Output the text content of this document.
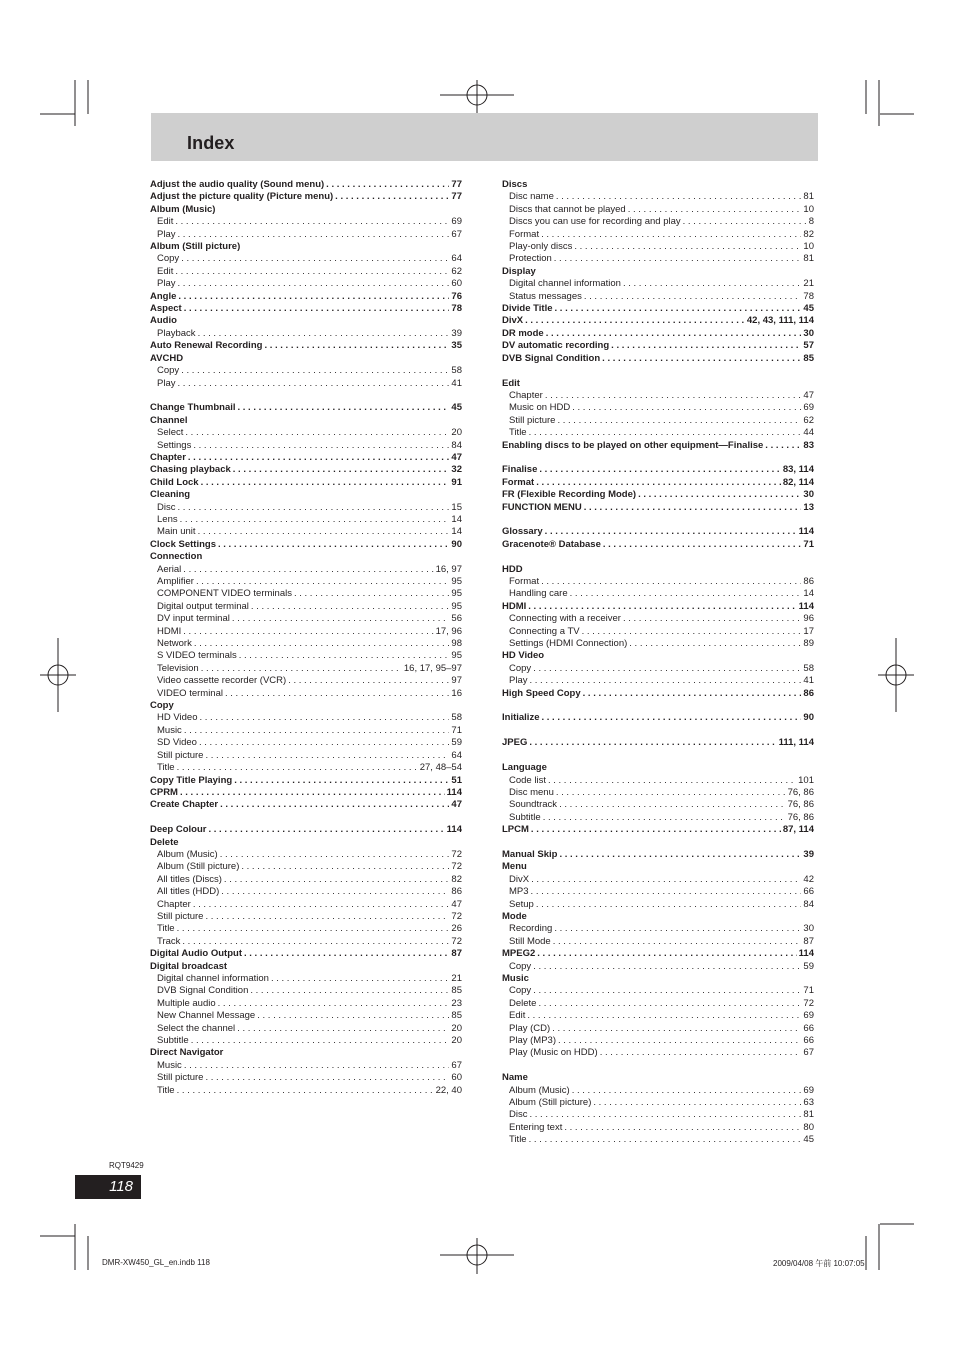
Index
Adjust the audio quality (Sound menu) . . .	77
Adjust the picture quality (Picture menu) . . .	77
Album (Music)
Edit . . .	69
Play . . .	67
Album (Still picture)
Copy . . .	64
Edit . . .	62
Play . . .	60
Angle . . .	76
Aspect . . .	78
Audio
Playback . . .	39
Auto Renewal Recording . . .	35
AVCHD
Copy . . .	58
Play . . .	41
Change Thumbnail . . .	45
Channel
Select . . .	20
Settings . . .	84
Chapter . . .	47
Chasing playback . . .	32
Child Lock . . .	91
Cleaning
Disc . . .	15
Lens . . .	14
Main unit . . .	14
Clock Settings . . .	90
Connection
Aerial . . .	16, 97
Amplifier . . .	95
COMPONENT VIDEO terminals . . .	95
Digital output terminal . . .	95
DV input terminal . . .	56
HDMI . . .	17, 96
Network . . .	98
S VIDEO terminals . . .	95
Television . . .	16, 17, 95–97
Video cassette recorder (VCR) . . .	97
VIDEO terminal . . .	16
Copy
HD Video . . .	58
Music . . .	71
SD Video . . .	59
Still picture . . .	64
Title . . .	27, 48–54
Copy Title Playing . . .	51
CPRM . . .	114
Create Chapter . . .	47
Deep Colour . . .	114
Delete
Album (Music) . . .	72
Album (Still picture) . . .	72
All titles (Discs) . . .	82
All titles (HDD) . . .	86
Chapter . . .	47
Still picture . . .	72
Title . . .	26
Track . . .	72
Digital Audio Output . . .	87
Digital broadcast
Digital channel information . . .	21
DVB Signal Condition . . .	85
Multiple audio . . .	23
New Channel Message . . .	85
Select the channel . . .	20
Subtitle . . .	20
Direct Navigator
Music . . .	67
Still picture . . .	60
Title . . .	22, 40
Discs
Disc name . . .	81
Discs that cannot be played . . .	10
Discs you can use for recording and play . . .	8
Format . . .	82
Play-only discs . . .	10
Protection . . .	81
Display
Digital channel information . . .	21
Status messages . . .	78
Divide Title . . .	45
DivX . . .	42, 43, 111, 114
DR mode . . .	30
DV automatic recording . . .	57
DVB Signal Condition . . .	85
Edit
Chapter . . .	47
Music on HDD . . .	69
Still picture . . .	62
Title . . .	44
Enabling discs to be played on other equipment—Finalise . . .	83
Finalise . . .	83, 114
Format . . .	82, 114
FR (Flexible Recording Mode) . . .	30
FUNCTION MENU . . .	13
Glossary . . .	114
Gracenote® Database . . .	71
HDD
Format . . .	86
Handling care . . .	14
HDMI . . .	114
Connecting with a receiver . . .	96
Connecting a TV . . .	17
Settings (HDMI Connection) . . .	89
HD Video
Copy . . .	58
Play . . .	41
High Speed Copy . . .	86
Initialize . . .	90
JPEG . . .	111, 114
Language
Code list . . .	101
Disc menu . . .	76, 86
Soundtrack . . .	76, 86
Subtitle . . .	76, 86
LPCM . . .	87, 114
Manual Skip . . .	39
Menu
DivX . . .	42
MP3 . . .	66
Setup . . .	84
Mode
Recording . . .	30
Still Mode . . .	87
MPEG2 . . .	114
Copy . . .	59
Music
Copy . . .	71
Delete . . .	72
Edit . . .	69
Play (CD) . . .	66
Play (MP3) . . .	66
Play (Music on HDD) . . .	67
Name
Album (Music) . . .	69
Album (Still picture) . . .	63
Disc . . .	81
Entering text . . .	80
Title . . .	45
RQT9429
118
DMR-XW450_GL_en.indb 118	2009/04/08 午前 10:07:05
